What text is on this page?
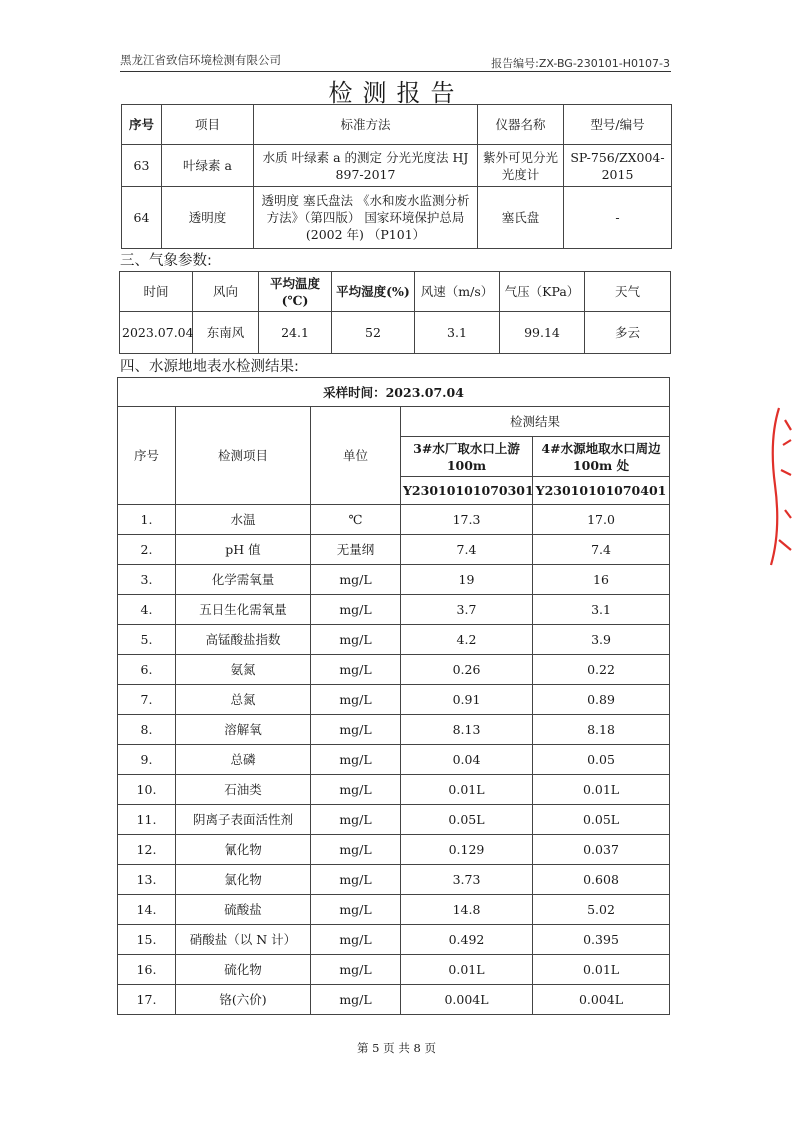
黑龙江省致信环境检测有限公司	报告编号:ZX-BG-230101-H0107-3
检测报告
序号	项目	标准方法	仪器名称	型号/编号
63	叶绿素 a	水质 叶绿素 a 的测定 分光光度法 HJ 897-2017	紫外可见分光光度计	SP-756/ZX004-2015
64	透明度	透明度 塞氏盘法 《水和废水监测分析方法》（第四版） 国家环境保护总局(2002 年) （P101）	塞氏盘	-
三、气象参数:
时间	风向	平均温度(℃)	平均湿度(%)	风速（m/s）	气压（KPa）	天气
2023.07.04	东南风	24.1	52	3.1	99.14	多云
四、水源地地表水检测结果:
采样时间：2023.07.04				
序号	检测项目	单位	检测结果	
			3#水厂取水口上游100m	4#水源地取水口周边 100m 处
			Y23010101070301	Y23010101070401
1.	水温	℃	17.3	17.0
2.	pH 值	无量纲	7.4	7.4
3.	化学需氧量	mg/L	19	16
4.	五日生化需氧量	mg/L	3.7	3.1
5.	高锰酸盐指数	mg/L	4.2	3.9
6.	氨氮	mg/L	0.26	0.22
7.	总氮	mg/L	0.91	0.89
8.	溶解氧	mg/L	8.13	8.18
9.	总磷	mg/L	0.04	0.05
10.	石油类	mg/L	0.01L	0.01L
11.	阴离子表面活性剂	mg/L	0.05L	0.05L
12.	氰化物	mg/L	0.129	0.037
13.	氯化物	mg/L	3.73	0.608
14.	硫酸盐	mg/L	14.8	5.02
15.	硝酸盐（以 N 计）	mg/L	0.492	0.395
16.	硫化物	mg/L	0.01L	0.01L
17.	铬(六价)	mg/L	0.004L	0.004L
第 5 页 共 8 页
